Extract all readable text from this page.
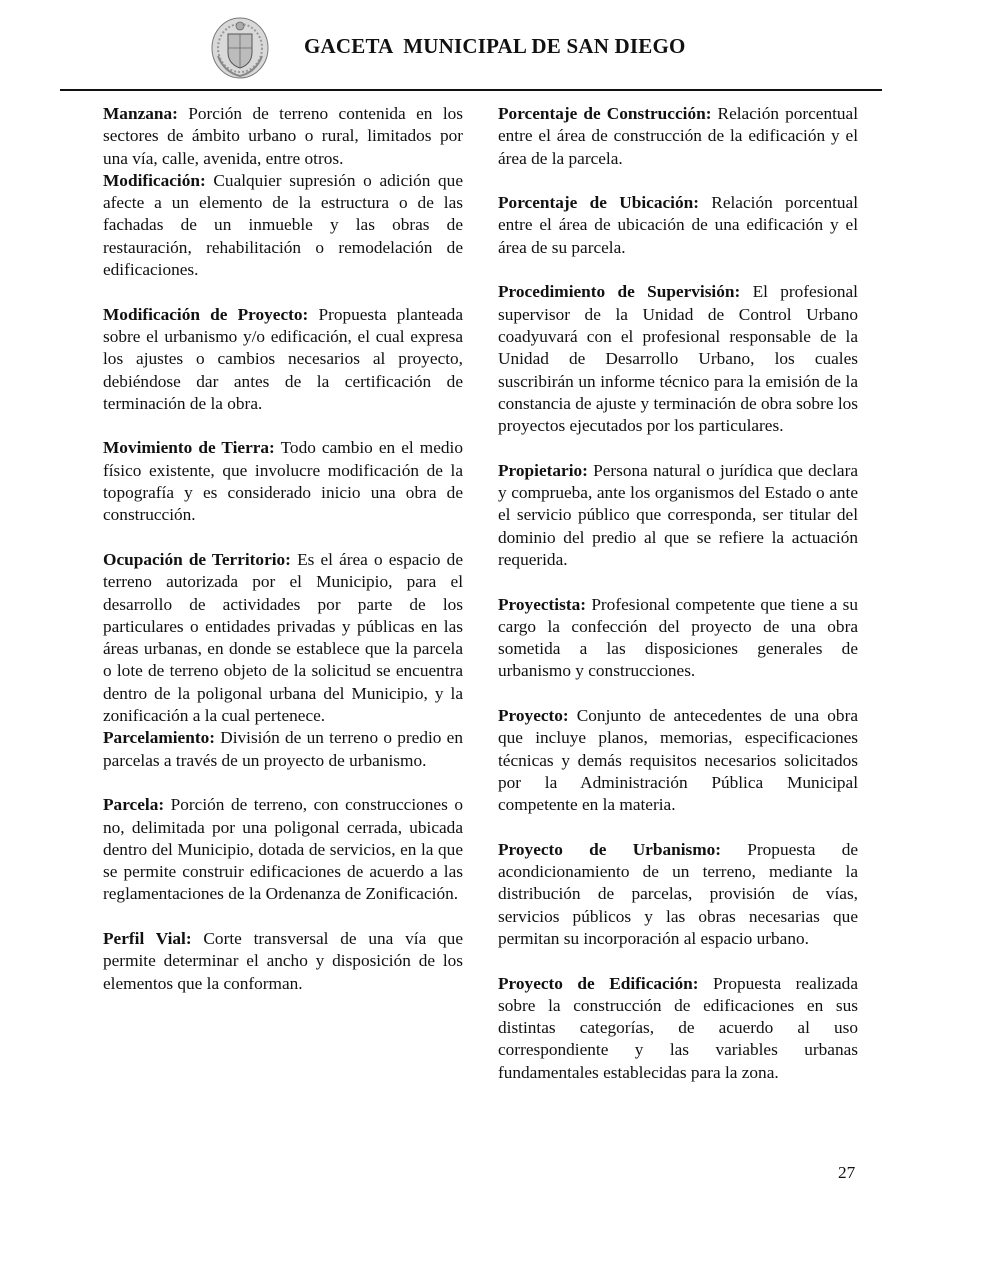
GACETA  MUNICIPAL DE SAN DIEGO

Manzana: Porción de terreno contenida en los sectores de ámbito urbano o rural, limitados por una vía, calle, avenida, entre otros.

Modificación: Cualquier supresión o adición que afecte a un elemento de la estructura o de las fachadas de un inmueble y las obras de restauración, rehabilitación o remodelación de edificaciones.

Modificación de Proyecto: Propuesta planteada sobre el urbanismo y/o edificación, el cual expresa los ajustes o cambios necesarios al proyecto, debiéndose dar antes de la certificación de terminación de la obra.

Movimiento de Tierra: Todo cambio en el medio físico existente, que involucre modificación de la topografía y es considerado inicio una obra de construcción.

Ocupación de Territorio: Es el área o espacio de terreno autorizada por el Municipio, para el desarrollo de actividades por parte de los particulares o entidades privadas y públicas en las áreas urbanas, en donde se establece que la parcela o lote de terreno objeto de la solicitud se encuentra dentro de la poligonal urbana del Municipio, y la zonificación a la cual pertenece.

Parcelamiento: División de un terreno o predio en parcelas a través de un proyecto de urbanismo.

Parcela: Porción de terreno, con construcciones o no, delimitada por una poligonal cerrada, ubicada dentro del Municipio, dotada de servicios, en la que se permite construir edificaciones de acuerdo a las reglamentaciones de la Ordenanza de Zonificación.

Perfil Vial: Corte transversal de una vía que permite determinar el ancho y disposición de los elementos que la conforman.

Porcentaje de Construcción: Relación porcentual entre el área de construcción de la edificación y el área de la parcela.

Porcentaje de Ubicación: Relación porcentual entre el área de ubicación de una edificación y el área de su parcela.

Procedimiento de Supervisión: El profesional supervisor de la Unidad de Control Urbano coadyuvará con el profesional responsable de la Unidad de Desarrollo Urbano, los cuales suscribirán un informe técnico para la emisión de la constancia de ajuste y terminación de obra sobre los proyectos ejecutados por los particulares.

Propietario: Persona natural o jurídica que declara y comprueba, ante los organismos del Estado o ante el servicio público que corresponda, ser titular del dominio del predio al que se refiere la actuación requerida.

Proyectista: Profesional competente que tiene a su cargo la confección del proyecto de una obra sometida a las disposiciones generales de urbanismo y construcciones.

Proyecto: Conjunto de antecedentes de una obra que incluye planos, memorias, especificaciones técnicas y demás requisitos necesarios solicitados por la Administración Pública Municipal competente en la materia.

Proyecto de Urbanismo: Propuesta de acondicionamiento de un terreno, mediante la distribución de parcelas, provisión de vías, servicios públicos y las obras necesarias que permitan su incorporación al espacio urbano.

Proyecto de Edificación: Propuesta realizada sobre la construcción de edificaciones en sus distintas categorías, de acuerdo al uso correspondiente y las variables urbanas fundamentales establecidas para la zona.

27
